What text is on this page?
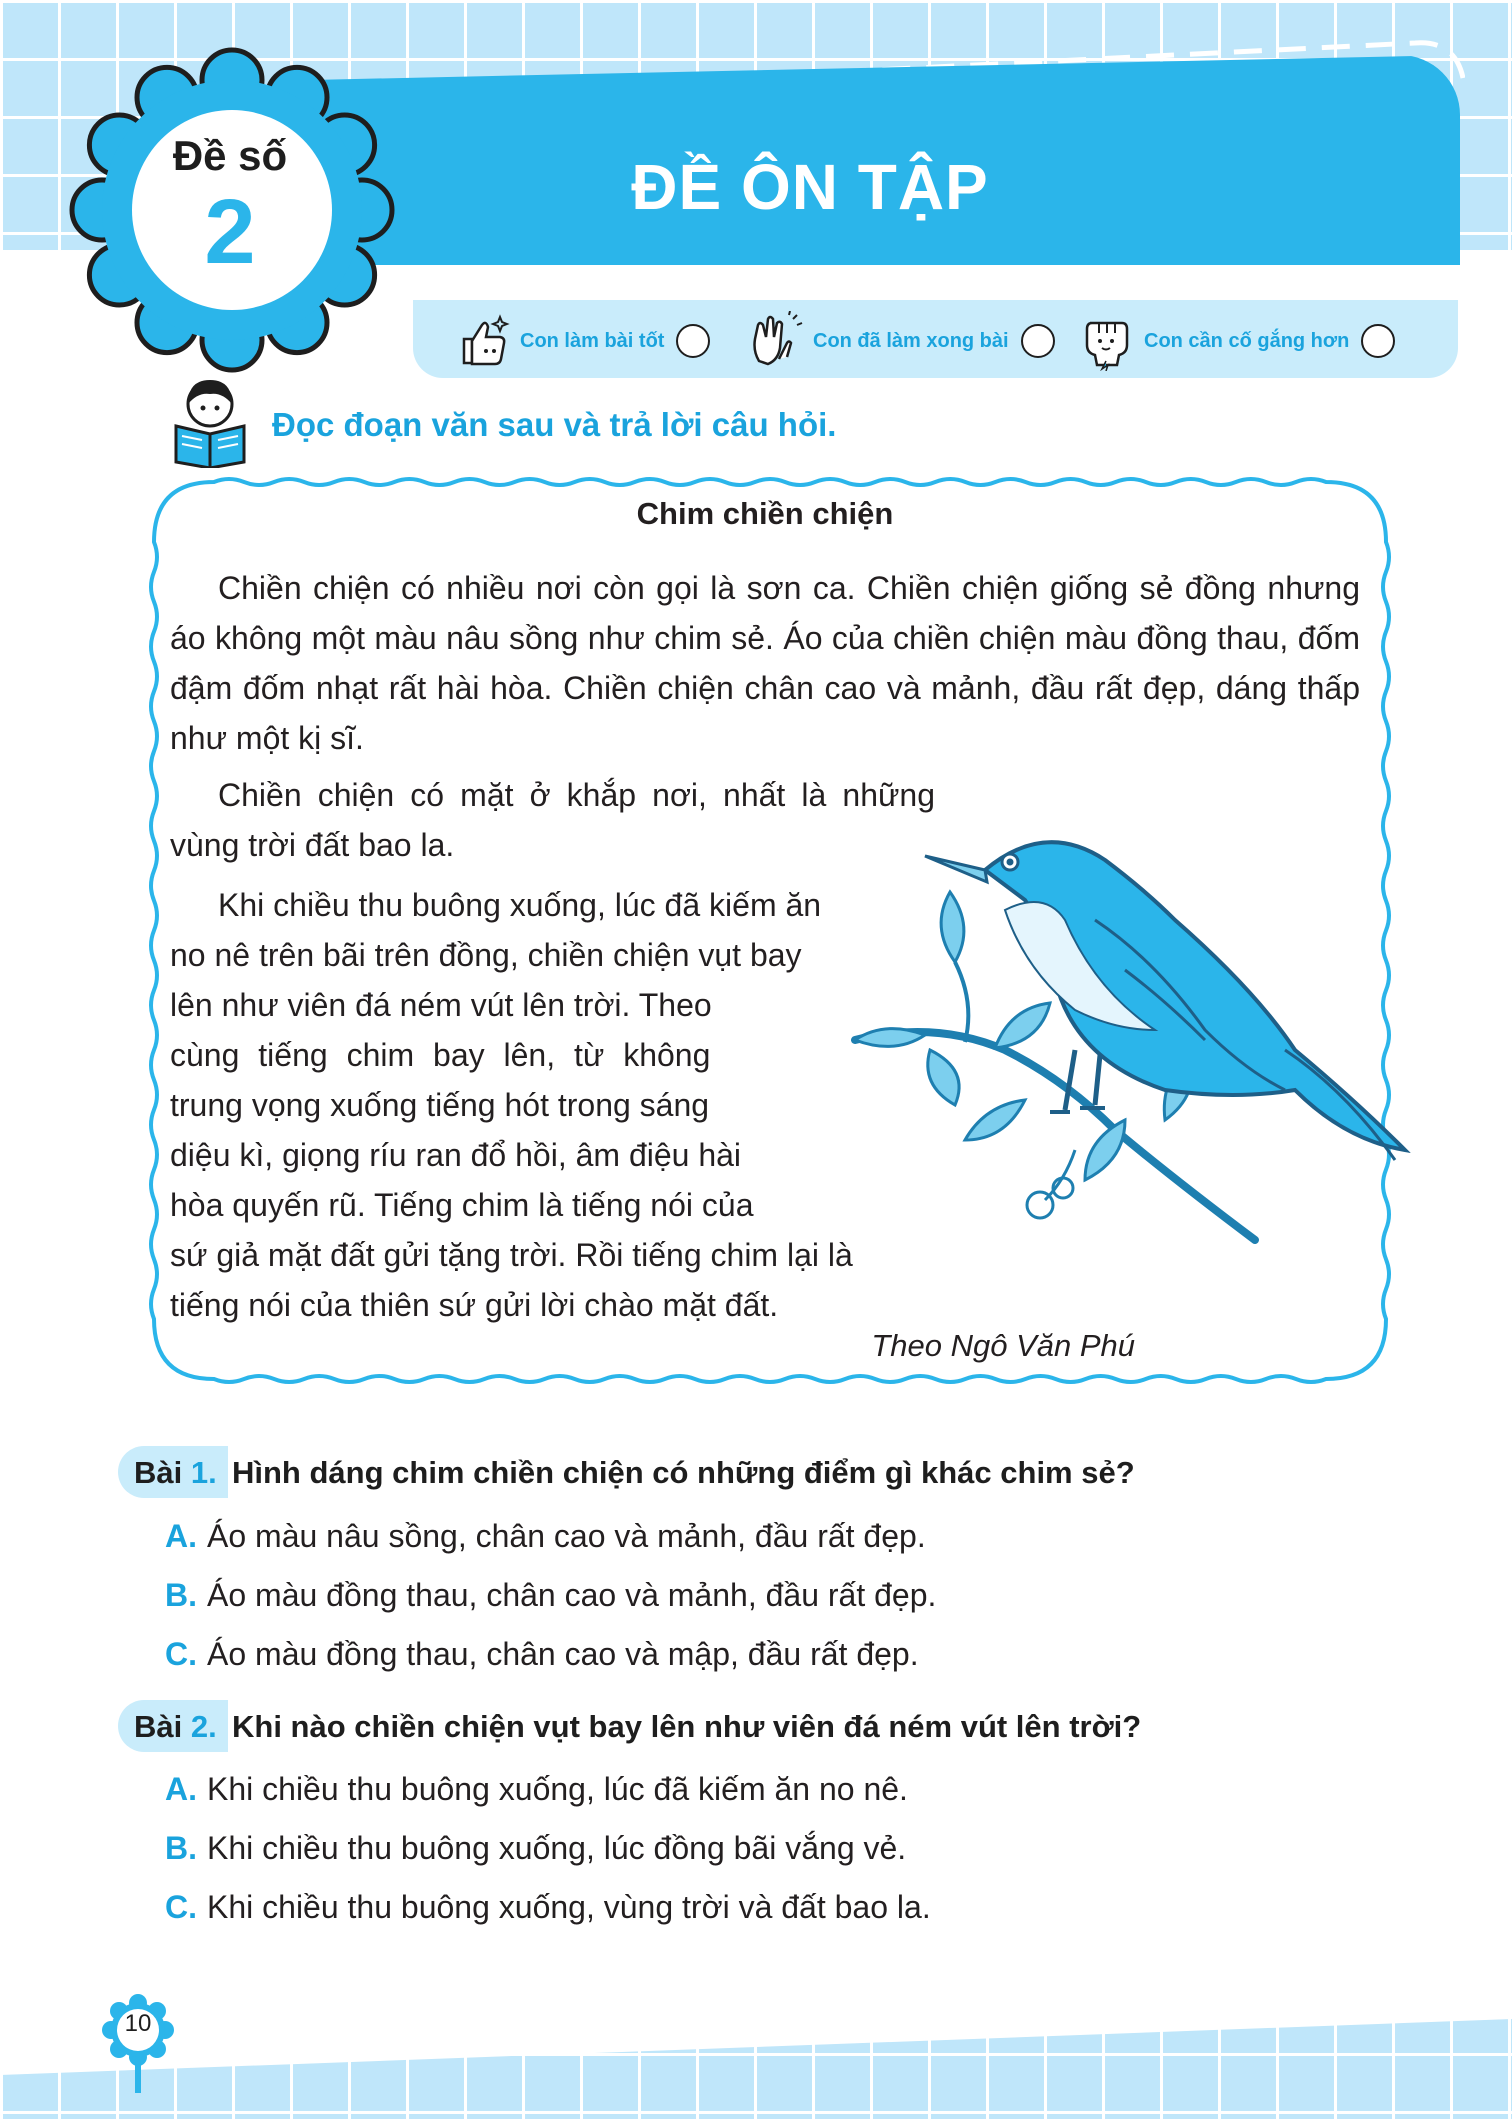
ĐỀ ÔN TẬP
Con làm bài tốt	Con đã làm xong bài	Con cần cố gắng hơn
Đề số
2
Đọc đoạn văn sau và trả lời câu hỏi.
Chim chiền chiện
Chiền chiện có nhiều nơi còn gọi là sơn ca. Chiền chiện giống sẻ đồng nhưng áo không một màu nâu sồng như chim sẻ. Áo của chiền chiện màu đồng thau, đốm đậm đốm nhạt rất hài hòa. Chiền chiện chân cao và mảnh, đầu rất đẹp, dáng thấp như một kị sĩ.
Chiền chiện có mặt ở khắp nơi, nhất là những vùng trời đất bao la.
Khi chiều thu buông xuống, lúc đã kiếm ăn
no nê trên bãi trên đồng, chiền chiện vụt bay
lên như viên đá ném vút lên trời. Theo
cùng tiếng chim bay lên, từ không
trung vọng xuống tiếng hót trong sáng
diệu kì, giọng ríu ran đổ hồi, âm điệu hài
hòa quyến rũ. Tiếng chim là tiếng nói của
sứ giả mặt đất gửi tặng trời. Rồi tiếng chim lại là
tiếng nói của thiên sứ gửi lời chào mặt đất.
Theo Ngô Văn Phú
Bài 1. Hình dáng chim chiền chiện có những điểm gì khác chim sẻ?
A. Áo màu nâu sồng, chân cao và mảnh, đầu rất đẹp.
B. Áo màu đồng thau, chân cao và mảnh, đầu rất đẹp.
C. Áo màu đồng thau, chân cao và mập, đầu rất đẹp.
Bài 2. Khi nào chiền chiện vụt bay lên như viên đá ném vút lên trời?
A. Khi chiều thu buông xuống, lúc đã kiếm ăn no nê.
B. Khi chiều thu buông xuống, lúc đồng bãi vắng vẻ.
C. Khi chiều thu buông xuống, vùng trời và đất bao la.
10
